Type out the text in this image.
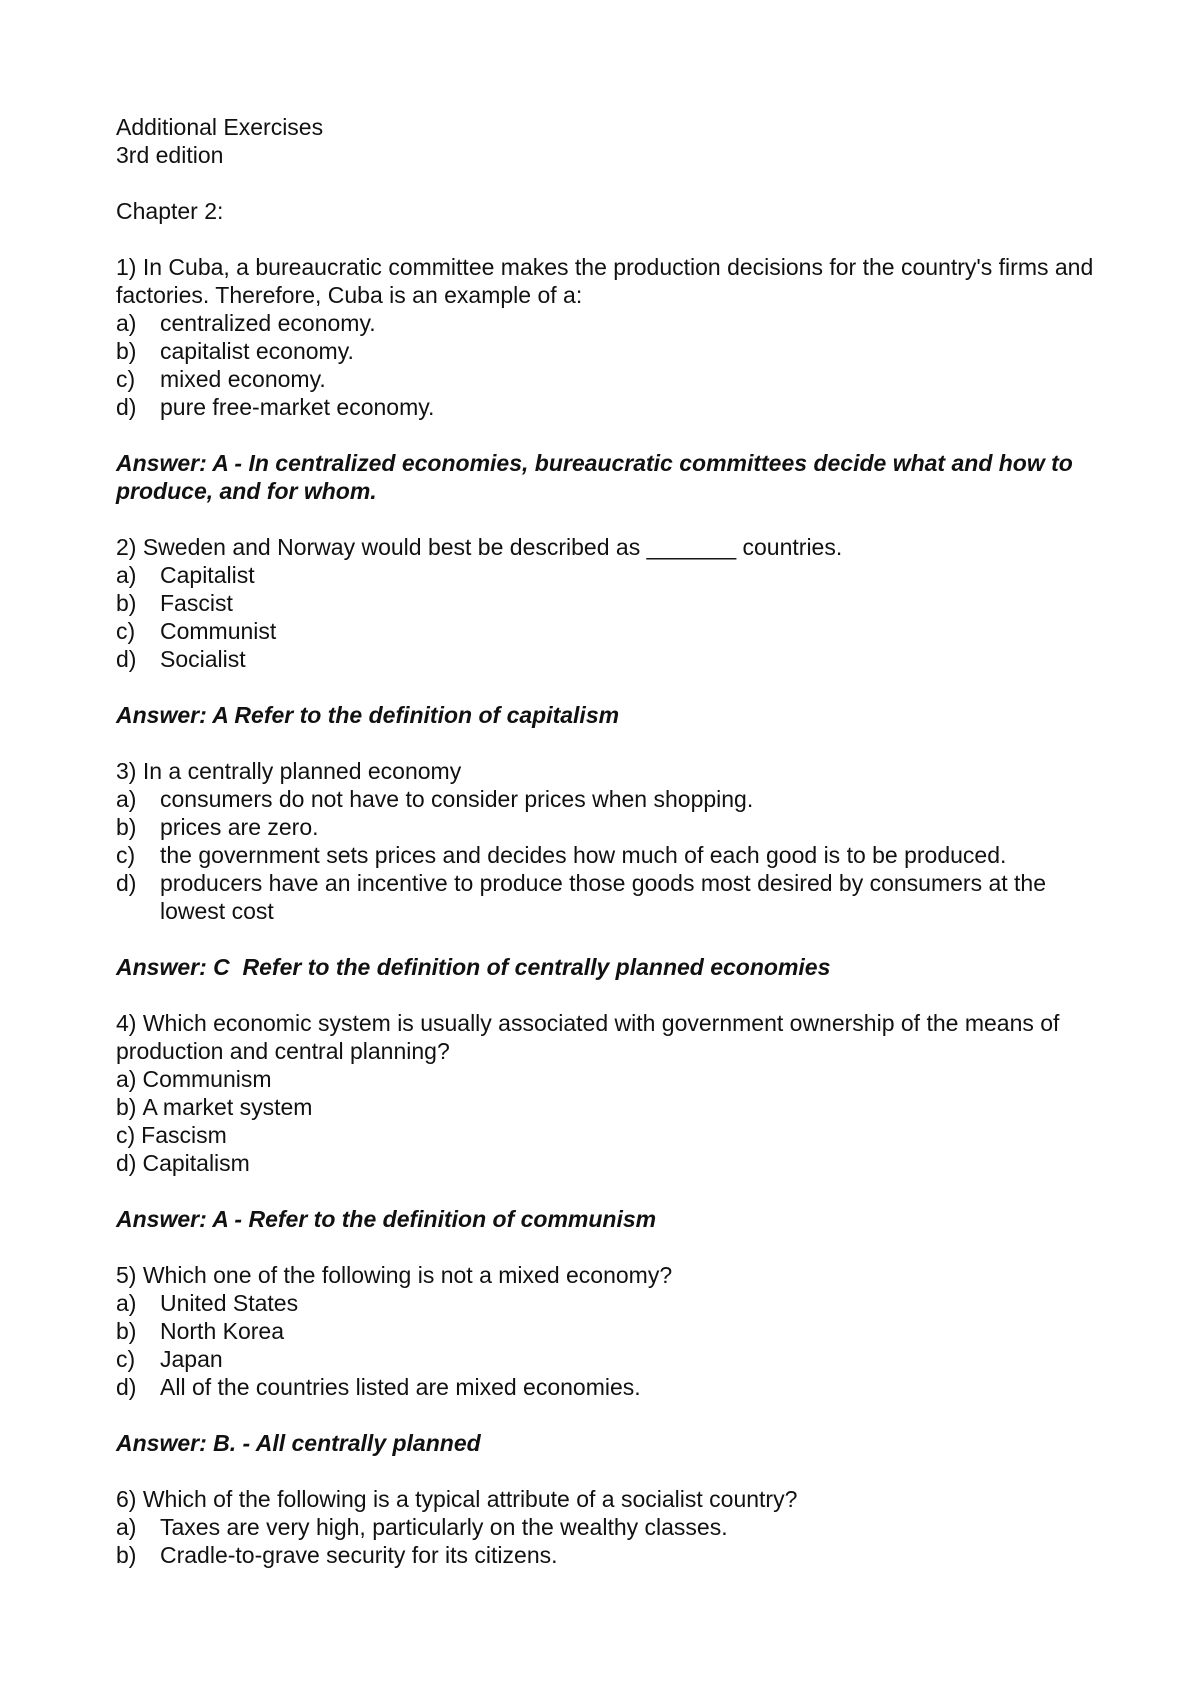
Additional Exercises
3rd edition
Chapter 2:
1) In Cuba, a bureaucratic committee makes the production decisions for the country's firms and factories. Therefore, Cuba is an example of a:
a)	centralized economy.
b)	capitalist economy.
c)	mixed economy.
d)	pure free-market economy.
Answer: A - In centralized economies, bureaucratic committees decide what and how to produce, and for whom.
2) Sweden and Norway would best be described as _______ countries.
a)	Capitalist
b)	Fascist
c)	Communist
d)	Socialist
Answer: A Refer to the definition of capitalism
3) In a centrally planned economy
a)	consumers do not have to consider prices when shopping.
b)	prices are zero.
c)	the government sets prices and decides how much of each good is to be produced.
d)	producers have an incentive to produce those goods most desired by consumers at the lowest cost
Answer: C  Refer to the definition of centrally planned economies
4) Which economic system is usually associated with government ownership of the means of production and central planning?
a) Communism
b) A market system
c) Fascism
d) Capitalism
Answer: A - Refer to the definition of communism
5) Which one of the following is not a mixed economy?
a)	United States
b)	North Korea
c)	Japan
d)	All of the countries listed are mixed economies.
Answer: B. - All centrally planned
6) Which of the following is a typical attribute of a socialist country?
a)	Taxes are very high, particularly on the wealthy classes.
b)	Cradle-to-grave security for its citizens.
